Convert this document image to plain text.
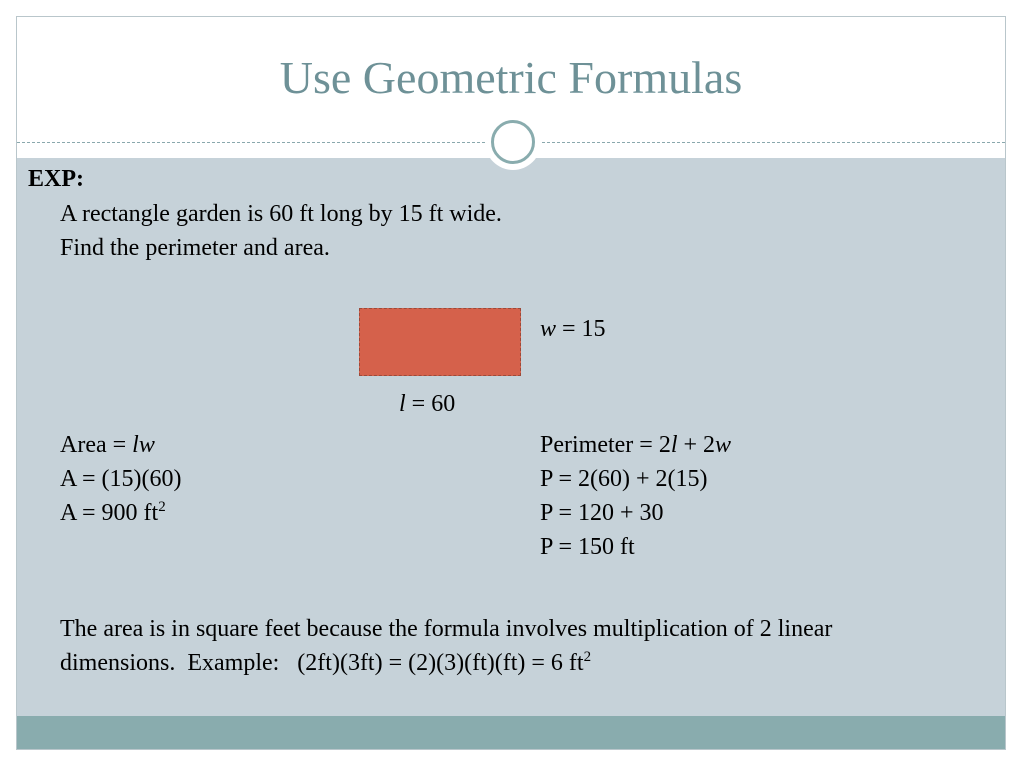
Use Geometric Formulas
EXP:
A rectangle garden is 60 ft long by 15 ft wide.
Find the perimeter and area.
w = 15
l = 60
Area = lw
A = (15)(60)
A = 900 $ft^2$
Perimeter = 2l + 2w
P = 2(60) + 2(15)
P = 120 + 30
P = 150 ft
The area is in square feet because the formula involves multiplication of 2 linear
dimensions.  Example:   (2ft)(3ft) = (2)(3)(ft)(ft) = 6 $ft^2$
